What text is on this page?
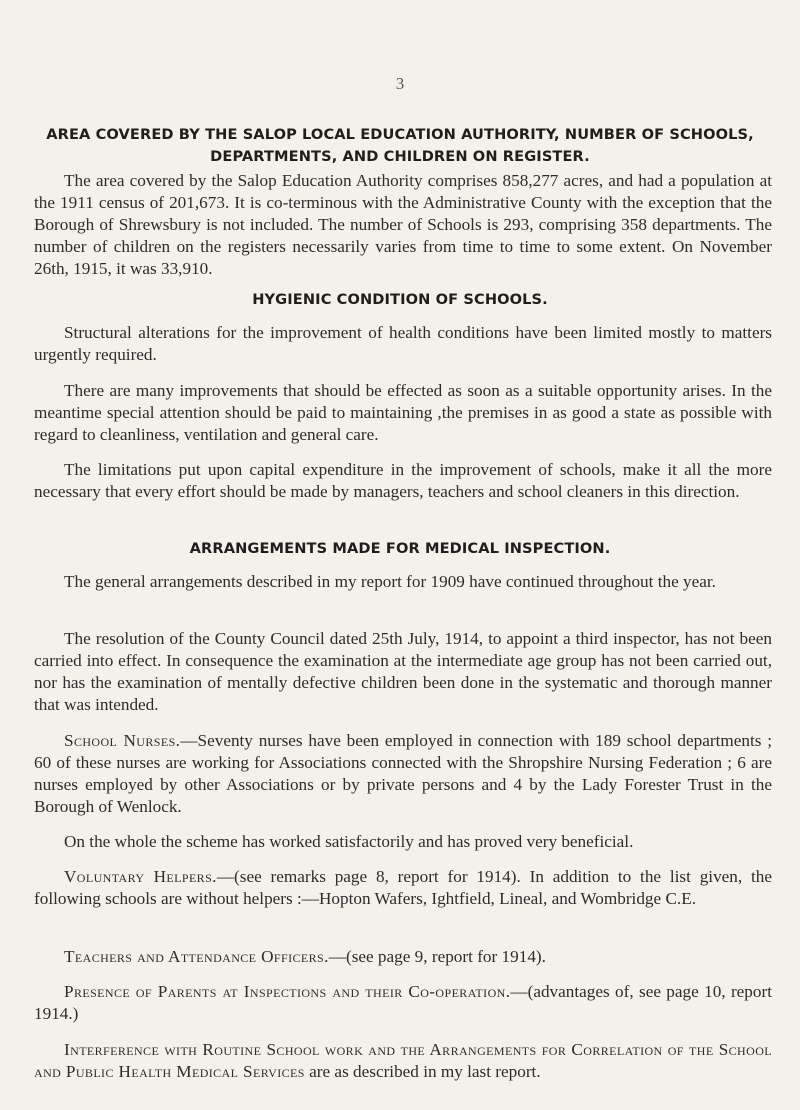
3
AREA COVERED BY THE SALOP LOCAL EDUCATION AUTHORITY, NUMBER OF SCHOOLS, DEPARTMENTS, AND CHILDREN ON REGISTER.

The area covered by the Salop Education Authority comprises 858,277 acres, and had a population at the 1911 census of 201,673. It is co-terminous with the Administrative County with the exception that the Borough of Shrewsbury is not included. The number of Schools is 293, comprising 358 departments. The number of children on the registers necessarily varies from time to time to some extent. On November 26th, 1915, it was 33,910.

HYGIENIC CONDITION OF SCHOOLS.

Structural alterations for the improvement of health conditions have been limited mostly to matters urgently required.

There are many improvements that should be effected as soon as a suitable opportunity arises. In the meantime special attention should be paid to maintaining ,the premises in as good a state as possible with regard to cleanliness, ventilation and general care.

The limitations put upon capital expenditure in the improvement of schools, make it all the more necessary that every effort should be made by managers, teachers and school cleaners in this direction.

ARRANGEMENTS MADE FOR MEDICAL INSPECTION.

The general arrangements described in my report for 1909 have continued throughout the year.

The resolution of the County Council dated 25th July, 1914, to appoint a third inspector, has not been carried into effect. In consequence the examination at the intermediate age group has not been carried out, nor has the examination of mentally defective children been done in the systematic and thorough manner that was intended.

School Nurses.—Seventy nurses have been employed in connection with 189 school departments ; 60 of these nurses are working for Associations connected with the Shropshire Nursing Federation ; 6 are nurses employed by other Associations or by private persons and 4 by the Lady Forester Trust in the Borough of Wenlock.

On the whole the scheme has worked satisfactorily and has proved very beneficial.

Voluntary Helpers.—(see remarks page 8, report for 1914). In addition to the list given, the following schools are without helpers :—Hopton Wafers, Ightfield, Lineal, and Wombridge C.E.

Teachers and Attendance Officers.—(see page 9, report for 1914).

Presence of Parents at Inspections and their Co-operation.—(advantages of, see page 10, report 1914.)

Interference with Routine School work and the Arrangements for Correlation of the School and Public Health Medical Services are as described in my last report.
